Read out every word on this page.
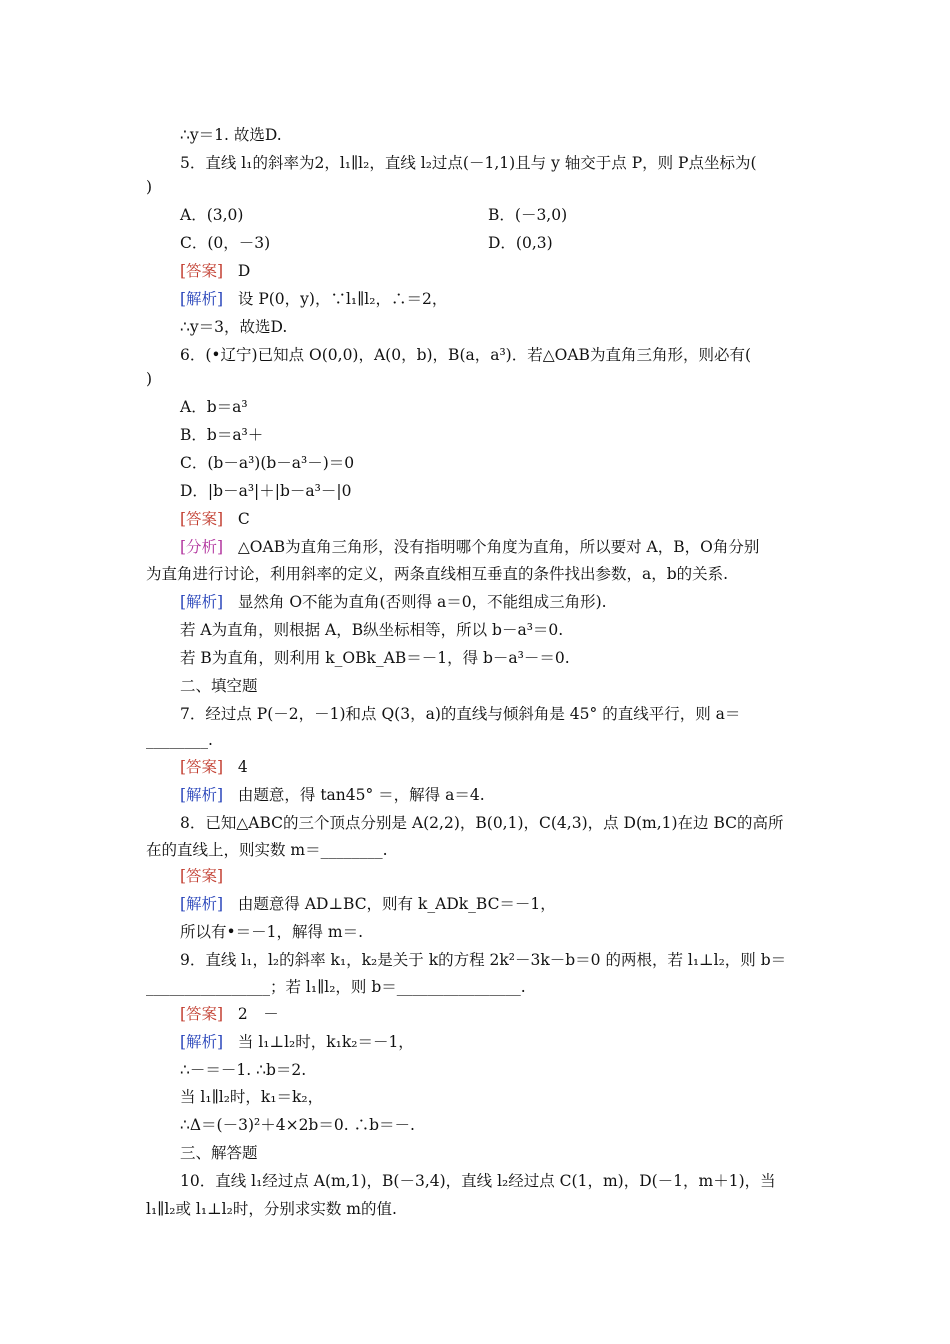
∴y＝1. 故选D.
5．直线 l₁的斜率为2，l₁∥l₂，直线 l₂过点(－1,1)且与 y 轴交于点 P，则 P点坐标为(
)
A．(3,0)	B．(－3,0)
C．(0，－3)	D．(0,3)
[答案] D
[解析] 设 P(0，y)，∵l₁∥l₂，∴＝2，
∴y＝3，故选D.
6．(•辽宁)已知点 O(0,0)，A(0，b)，B(a，a³)．若△OAB为直角三角形，则必有(
)
A．b＝a³
B．b＝a³＋
C．(b－a³)(b－a³－)＝0
D．|b－a³|＋|b－a³－|0
[答案] C
[分析] △OAB为直角三角形，没有指明哪个角度为直角，所以要对 A，B，O角分别
为直角进行讨论，利用斜率的定义，两条直线相互垂直的条件找出参数，a，b的关系.
[解析] 显然角 O不能为直角(否则得 a＝0，不能组成三角形).
若 A为直角，则根据 A，B纵坐标相等，所以 b－a³＝0.
若 B为直角，则利用 k_OBk_AB＝－1，得 b－a³－＝0.
二、填空题
7．经过点 P(－2，－1)和点 Q(3，a)的直线与倾斜角是 45° 的直线平行，则 a＝
________.
[答案] 4
[解析] 由题意，得 tan45° ＝，解得 a＝4.
8．已知△ABC的三个顶点分别是 A(2,2)，B(0,1)，C(4,3)，点 D(m,1)在边 BC的高所
在的直线上，则实数 m＝________.
[答案]
[解析] 由题意得 AD⊥BC，则有 k_ADk_BC＝－1，
所以有•＝－1，解得 m＝.
9．直线 l₁，l₂的斜率 k₁，k₂是关于 k的方程 2k²－3k－b＝0 的两根，若 l₁⊥l₂，则 b＝
________________；若 l₁∥l₂，则 b＝________________.
[答案] 2　－
[解析] 当 l₁⊥l₂时，k₁k₂＝－1，
∴－＝－1. ∴b＝2.
当 l₁∥l₂时，k₁＝k₂，
∴Δ＝(－3)²＋4×2b＝0. ∴b＝－.
三、解答题
10．直线 l₁经过点 A(m,1)，B(－3,4)，直线 l₂经过点 C(1，m)，D(－1，m＋1)，当
l₁∥l₂或 l₁⊥l₂时，分别求实数 m的值.
